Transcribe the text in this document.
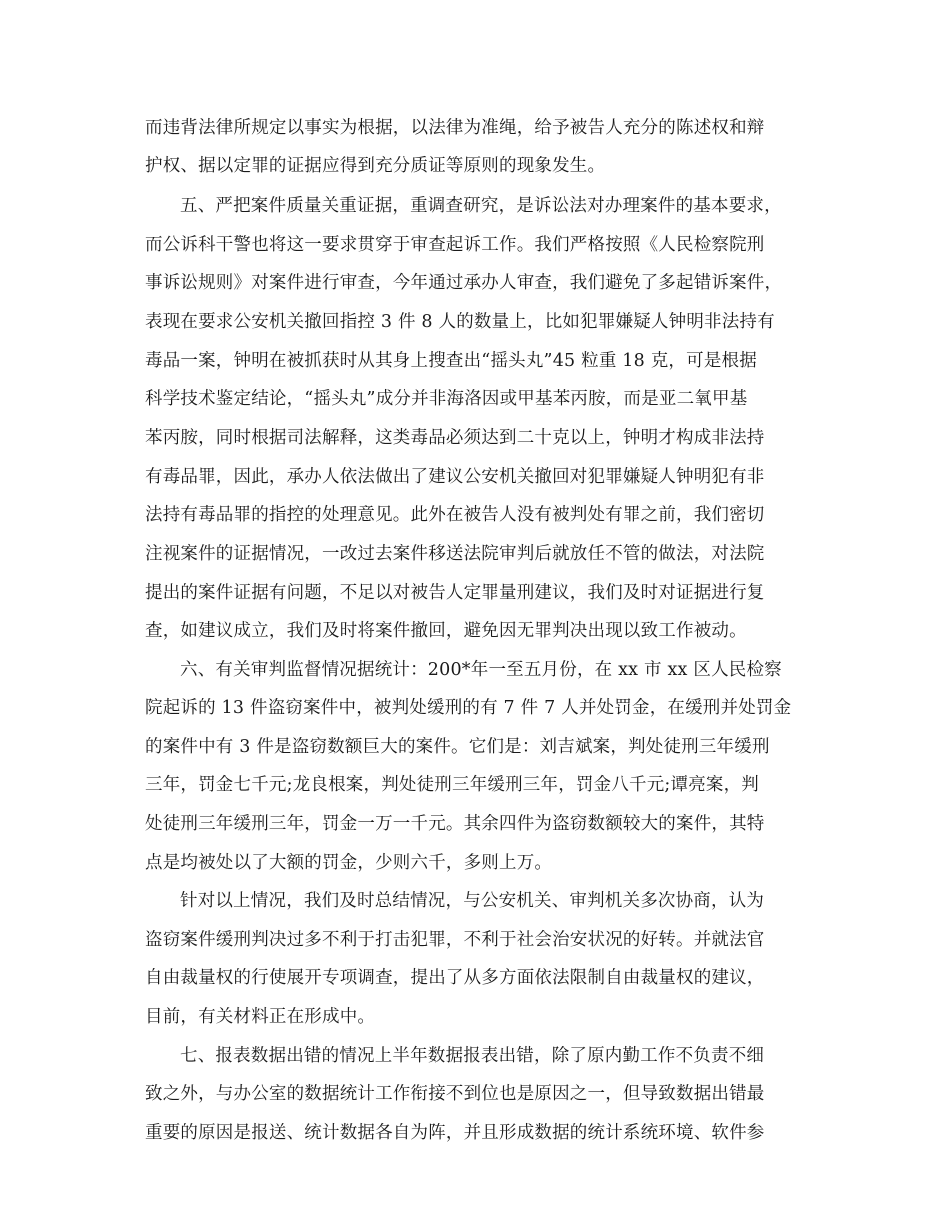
而违背法律所规定以事实为根据，以法律为准绳，给予被告人充分的陈述权和辩

护权、据以定罪的证据应得到充分质证等原则的现象发生。

五、严把案件质量关重证据，重调查研究，是诉讼法对办理案件的基本要求，

而公诉科干警也将这一要求贯穿于审查起诉工作。我们严格按照《人民检察院刑

事诉讼规则》对案件进行审查，今年通过承办人审查，我们避免了多起错诉案件，

表现在要求公安机关撤回指控 3 件 8 人的数量上，比如犯罪嫌疑人钟明非法持有

毒品一案，钟明在被抓获时从其身上搜查出“摇头丸”45 粒重 18 克，可是根据

科学技术鉴定结论，“摇头丸”成分并非海洛因或甲基苯丙胺，而是亚二氧甲基

苯丙胺，同时根据司法解释，这类毒品必须达到二十克以上，钟明才构成非法持

有毒品罪，因此，承办人依法做出了建议公安机关撤回对犯罪嫌疑人钟明犯有非

法持有毒品罪的指控的处理意见。此外在被告人没有被判处有罪之前，我们密切

注视案件的证据情况，一改过去案件移送法院审判后就放任不管的做法，对法院

提出的案件证据有问题，不足以对被告人定罪量刑建议，我们及时对证据进行复

查，如建议成立，我们及时将案件撤回，避免因无罪判决出现以致工作被动。

六、有关审判监督情况据统计：200*年一至五月份，在 xx 市 xx 区人民检察

院起诉的 13 件盗窃案件中，被判处缓刑的有 7 件 7 人并处罚金，在缓刑并处罚金

的案件中有 3 件是盗窃数额巨大的案件。它们是：刘吉斌案，判处徒刑三年缓刑

三年，罚金七千元;龙良根案，判处徒刑三年缓刑三年，罚金八千元;谭亮案，判

处徒刑三年缓刑三年，罚金一万一千元。其余四件为盗窃数额较大的案件，其特

点是均被处以了大额的罚金，少则六千，多则上万。

针对以上情况，我们及时总结情况，与公安机关、审判机关多次协商，认为

盗窃案件缓刑判决过多不利于打击犯罪，不利于社会治安状况的好转。并就法官

自由裁量权的行使展开专项调查，提出了从多方面依法限制自由裁量权的建议，

目前，有关材料正在形成中。

七、报表数据出错的情况上半年数据报表出错，除了原内勤工作不负责不细

致之外，与办公室的数据统计工作衔接不到位也是原因之一，但导致数据出错最

重要的原因是报送、统计数据各自为阵，并且形成数据的统计系统环境、软件参
